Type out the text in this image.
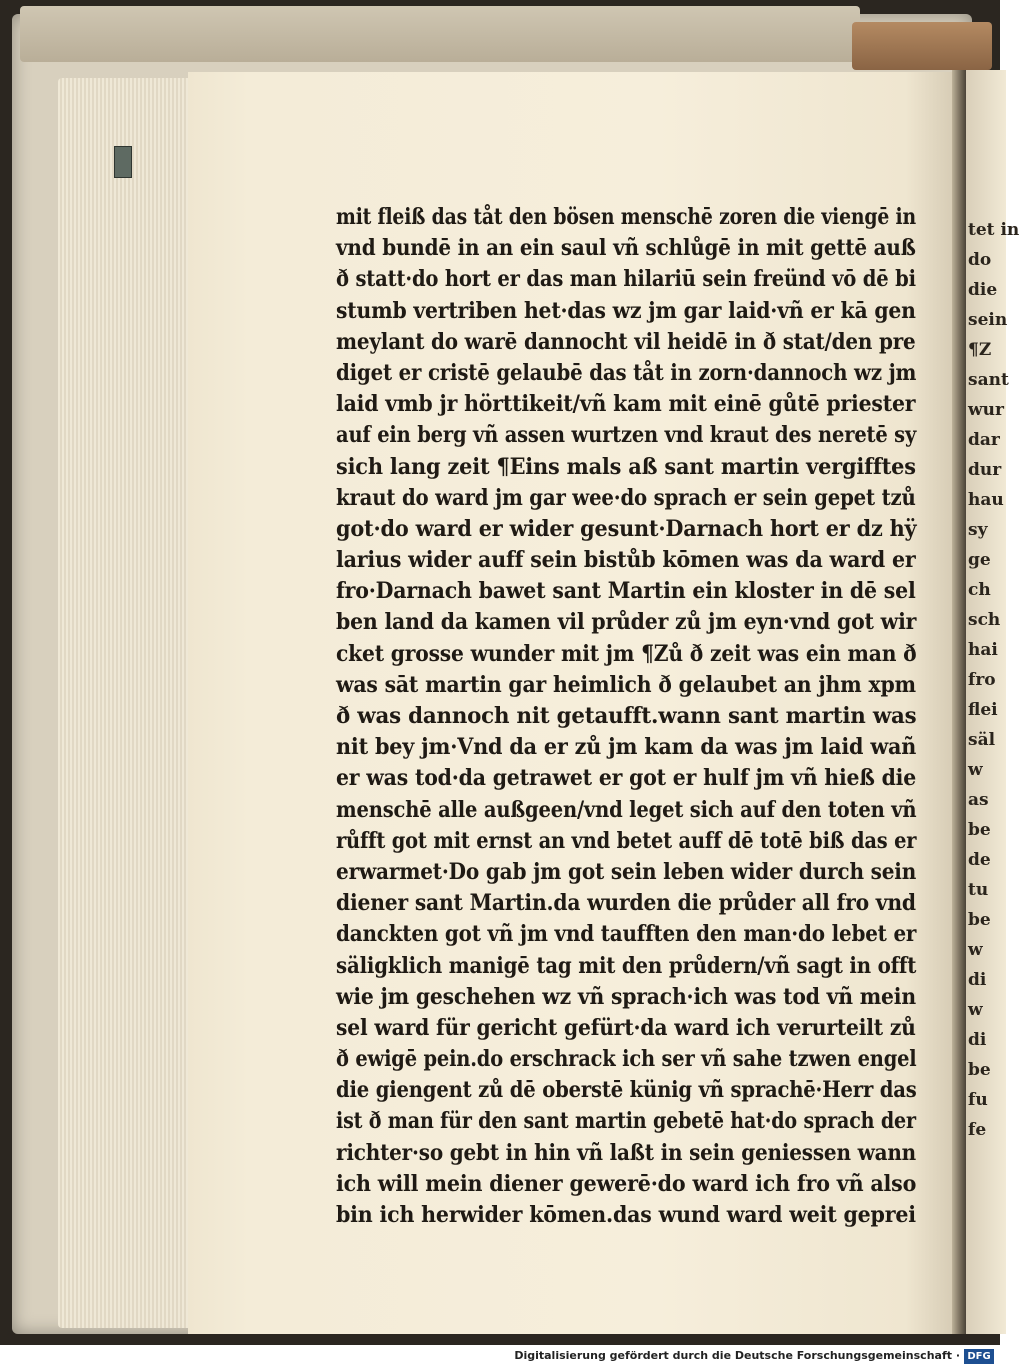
mit fleiß das tåt den bösen menschē zoren die viengē in
vnd bundē in an ein saul vñ schlůgē in mit gettē auß
ð statt·do hort er das man hilariū sein freünd vō dē bi
stumb vertriben het·das wz jm gar laid·vñ er kā gen
meylant do warē dannocht vil heidē in ð stat/den pre
diget er cristē gelaubē das tåt in zorn·dannoch wz jm
laid vmb jr hörttikeit/vñ kam mit einē gůtē priester
auf ein berg vñ assen wurtzen vnd kraut des neretē sy
sich lang zeit ¶Eins mals aß sant martin vergifftes
kraut do ward jm gar wee·do sprach er sein gepet tzů
got·do ward er wider gesunt·Darnach hort er dz hÿ
larius wider auff sein bistůb kōmen was da ward er
fro·Darnach bawet sant Martin ein kloster in dē sel
ben land da kamen vil průder zů jm eyn·vnd got wir
cket grosse wunder mit jm ¶Zů ð zeit was ein man ð
was sāt martin gar heimlich ð gelaubet an jhm xpm
ð was dannoch nit getaufft.wann sant martin was
nit bey jm·Vnd da er zů jm kam da was jm laid wañ
er was tod·da getrawet er got er hulf jm vñ hieß die
menschē alle außgeen/vnd leget sich auf den toten vñ
růfft got mit ernst an vnd betet auff dē totē biß das er
erwarmet·Do gab jm got sein leben wider durch sein
diener sant Martin.da wurden die průder all fro vnd
danckten got vñ jm vnd taufften den man·do lebet er
säligklich manigē tag mit den průdern/vñ sagt in offt
wie jm geschehen wz vñ sprach·ich was tod vñ mein
sel ward für gericht gefürt·da ward ich verurteilt zů
ð ewigē pein.do erschrack ich ser vñ sahe tzwen engel
die giengent zů dē oberstē künig vñ sprachē·Herr das
ist ð man für den sant martin gebetē hat·do sprach der
richter·so gebt in hin vñ laßt in sein geniessen wann
ich will mein diener gewerē·do ward ich fro vñ also
bin ich herwider kōmen.das wund ward weit geprei
tet in
do
die
sein
¶Z
sant
wur
dar
dur
hau
sy
ge
ch
sch
hai
fro
flei
säl
w
as
be
de
tu
be
w
di
w
di
be
fu
fe
Digitalisierung gefördert durch die Deutsche Forschungsgemeinschaft · DFG
